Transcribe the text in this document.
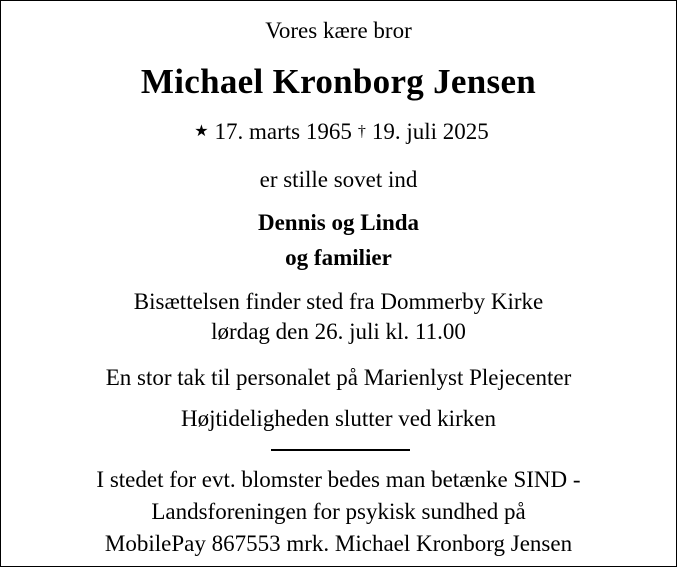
Vores kære bror
Michael Kronborg Jensen
★ 17. marts 1965 † 19. juli 2025
er stille sovet ind
Dennis og Linda
og familier
Bisættelsen finder sted fra Dommerby Kirke
lørdag den 26. juli kl. 11.00
En stor tak til personalet på Marienlyst Plejecenter
Højtideligheden slutter ved kirken
I stedet for evt. blomster bedes man betænke SIND -
Landsforeningen for psykisk sundhed på
MobilePay 867553 mrk. Michael Kronborg Jensen
